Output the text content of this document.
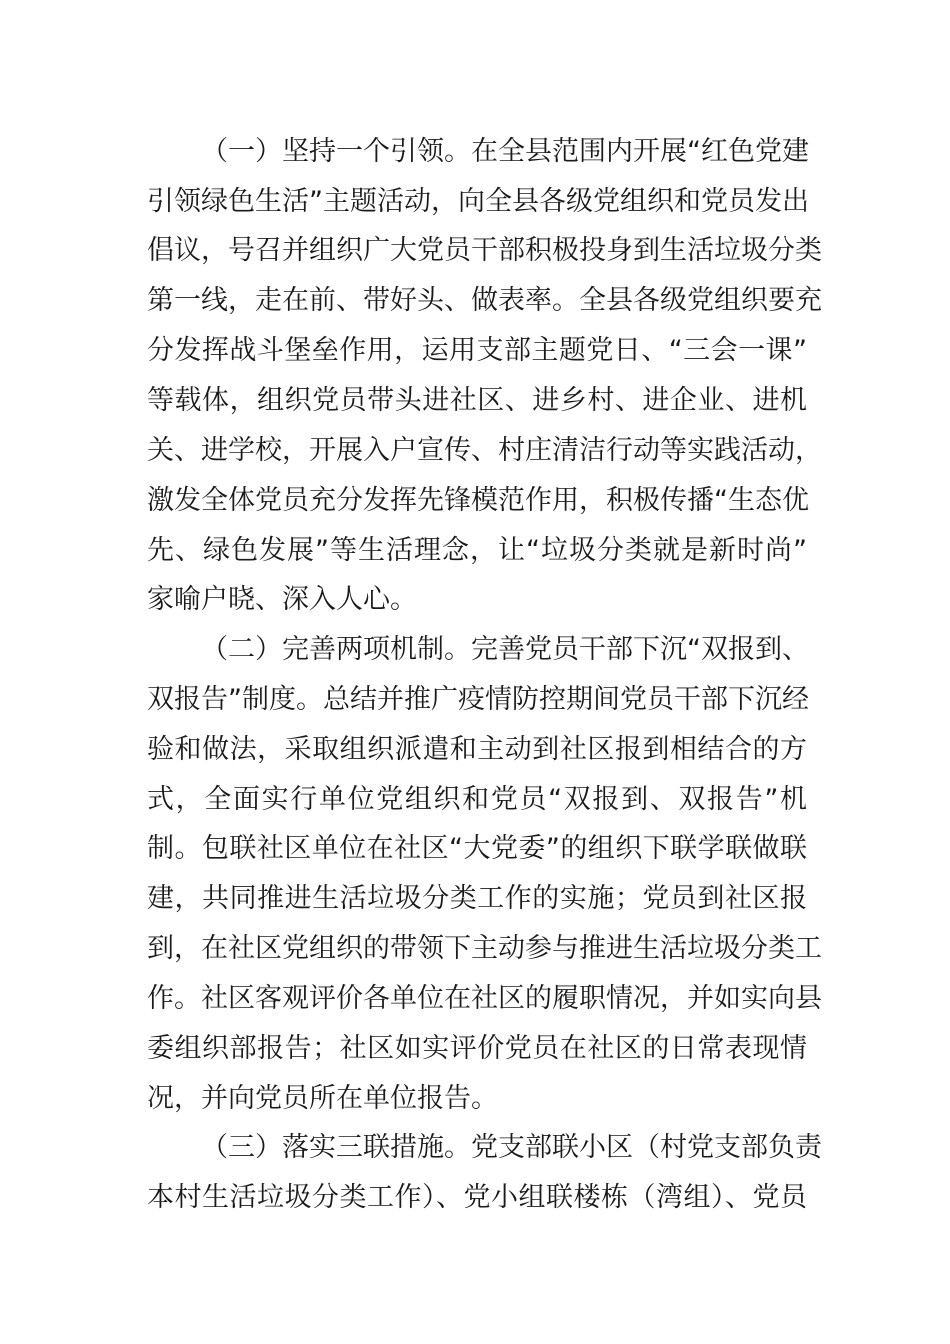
（一）坚持一个引领。在全县范围内开展“红色党建
引领绿色生活”主题活动，向全县各级党组织和党员发出
倡议，号召并组织广大党员干部积极投身到生活垃圾分类
第一线，走在前、带好头、做表率。全县各级党组织要充
分发挥战斗堡垒作用，运用支部主题党日、“三会一课”
等载体，组织党员带头进社区、进乡村、进企业、进机
关、进学校，开展入户宣传、村庄清洁行动等实践活动，
激发全体党员充分发挥先锋模范作用，积极传播“生态优
先、绿色发展”等生活理念，让“垃圾分类就是新时尚”
家喻户晓、深入人心。
（二）完善两项机制。完善党员干部下沉“双报到、
双报告”制度。总结并推广疫情防控期间党员干部下沉经
验和做法，采取组织派遣和主动到社区报到相结合的方
式，全面实行单位党组织和党员“双报到、双报告”机
制。包联社区单位在社区“大党委”的组织下联学联做联
建，共同推进生活垃圾分类工作的实施；党员到社区报
到，在社区党组织的带领下主动参与推进生活垃圾分类工
作。社区客观评价各单位在社区的履职情况，并如实向县
委组织部报告；社区如实评价党员在社区的日常表现情
况，并向党员所在单位报告。
（三）落实三联措施。党支部联小区（村党支部负责
本村生活垃圾分类工作）、党小组联楼栋（湾组）、党员
